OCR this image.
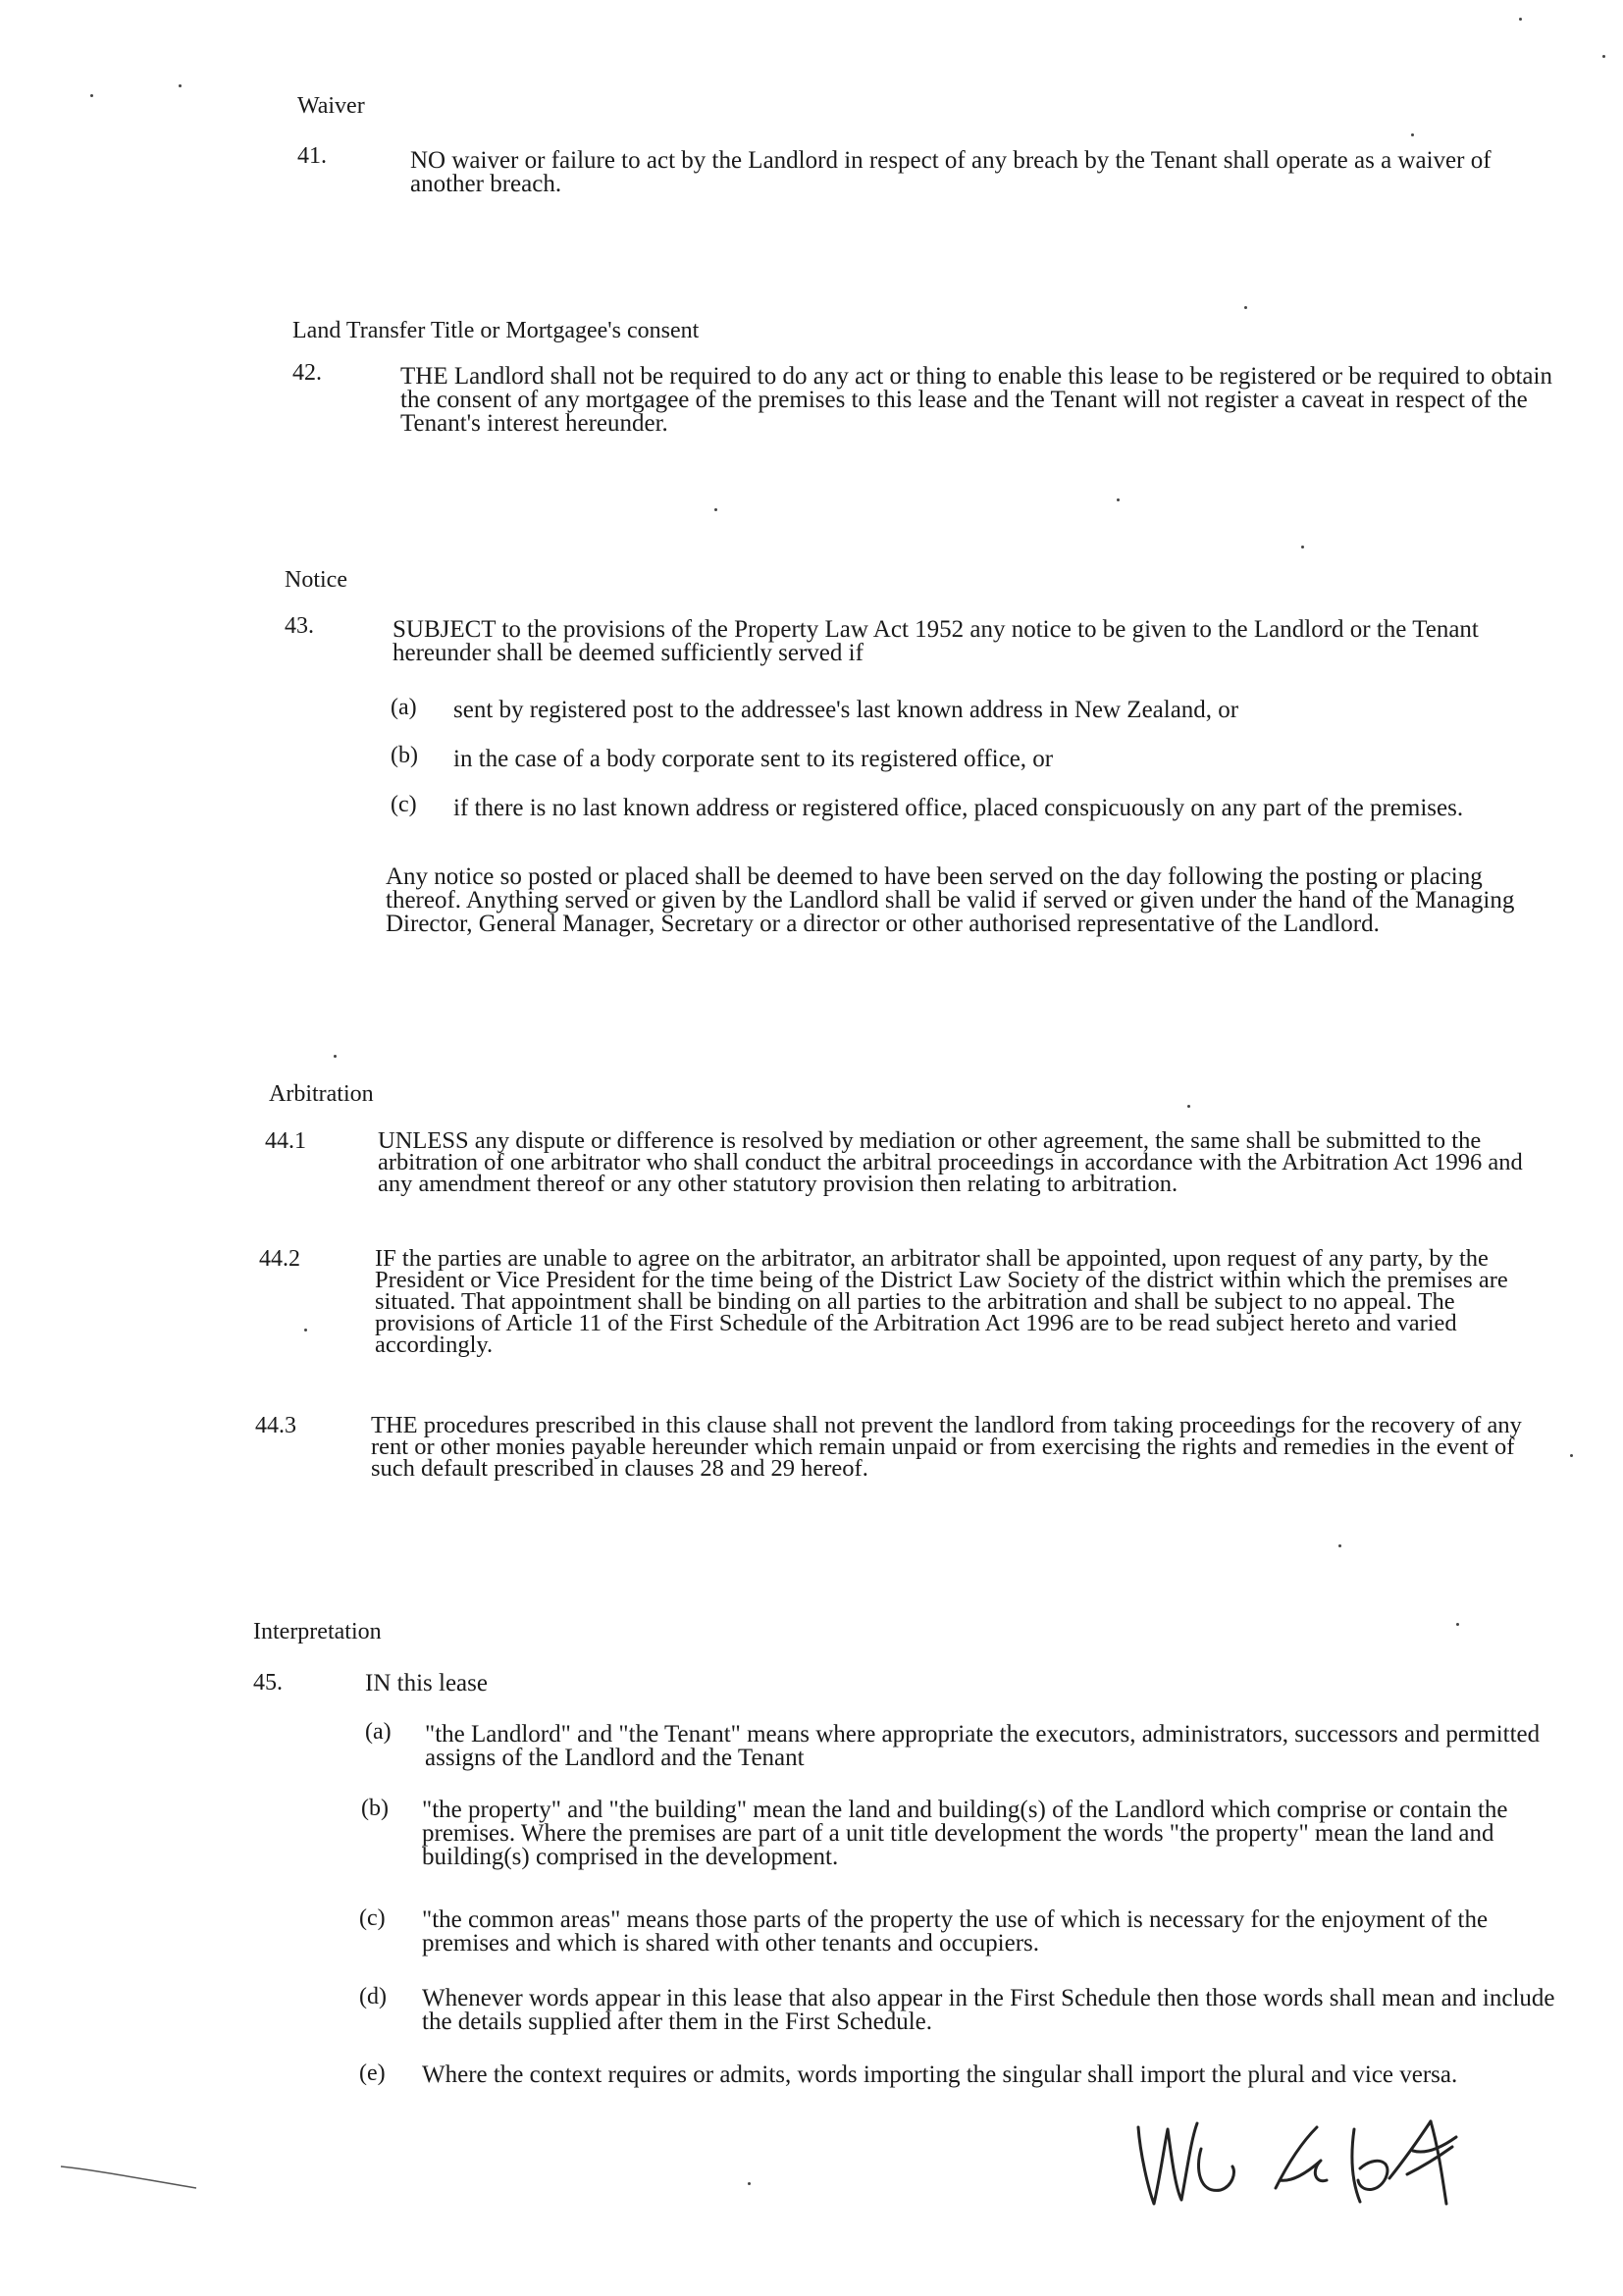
Waiver
41.	NO waiver or failure to act by the Landlord in respect of any breach by the Tenant shall operate as a waiver of another breach.
Land Transfer Title or Mortgagee's consent
42.	THE Landlord shall not be required to do any act or thing to enable this lease to be registered or be required to obtain the consent of any mortgagee of the premises to this lease and the Tenant will not register a caveat in respect of the Tenant's interest hereunder.
Notice
43.	SUBJECT to the provisions of the Property Law Act 1952 any notice to be given to the Landlord or the Tenant hereunder shall be deemed sufficiently served if
(a) sent by registered post to the addressee's last known address in New Zealand, or
(b) in the case of a body corporate sent to its registered office, or
(c) if there is no last known address or registered office, placed conspicuously on any part of the premises.
Any notice so posted or placed shall be deemed to have been served on the day following the posting or placing thereof. Anything served or given by the Landlord shall be valid if served or given under the hand of the Managing Director, General Manager, Secretary or a director or other authorised representative of the Landlord.
Arbitration
44.1	UNLESS any dispute or difference is resolved by mediation or other agreement, the same shall be submitted to the arbitration of one arbitrator who shall conduct the arbitral proceedings in accordance with the Arbitration Act 1996 and any amendment thereof or any other statutory provision then relating to arbitration.
44.2	IF the parties are unable to agree on the arbitrator, an arbitrator shall be appointed, upon request of any party, by the President or Vice President for the time being of the District Law Society of the district within which the premises are situated. That appointment shall be binding on all parties to the arbitration and shall be subject to no appeal. The provisions of Article 11 of the First Schedule of the Arbitration Act 1996 are to be read subject hereto and varied accordingly.
44.3	THE procedures prescribed in this clause shall not prevent the landlord from taking proceedings for the recovery of any rent or other monies payable hereunder which remain unpaid or from exercising the rights and remedies in the event of such default prescribed in clauses 28 and 29 hereof.
Interpretation
45.	IN this lease
(a) "the Landlord" and "the Tenant" means where appropriate the executors, administrators, successors and permitted assigns of the Landlord and the Tenant
(b) "the property" and "the building" mean the land and building(s) of the Landlord which comprise or contain the premises. Where the premises are part of a unit title development the words "the property" mean the land and building(s) comprised in the development.
(c) "the common areas" means those parts of the property the use of which is necessary for the enjoyment of the premises and which is shared with other tenants and occupiers.
(d) Whenever words appear in this lease that also appear in the First Schedule then those words shall mean and include the details supplied after them in the First Schedule.
(e) Where the context requires or admits, words importing the singular shall import the plural and vice versa.
